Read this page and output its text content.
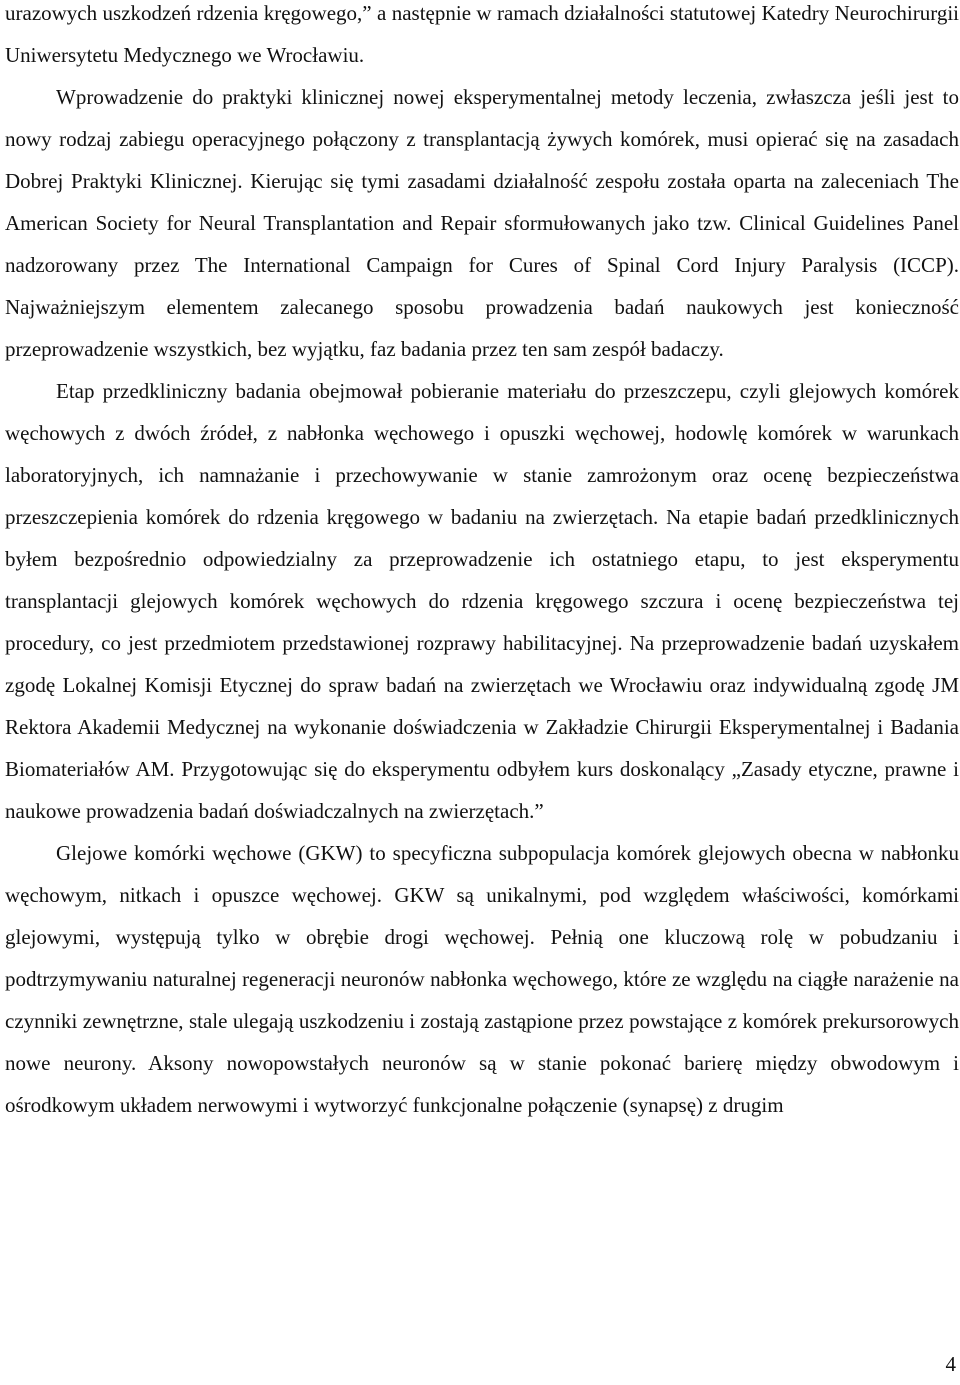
urazowych uszkodzeń rdzenia kręgowego,” a następnie w ramach działalności statutowej Katedry Neurochirurgii Uniwersytetu Medycznego we Wrocławiu.

Wprowadzenie do praktyki klinicznej nowej eksperymentalnej metody leczenia, zwłaszcza jeśli jest to nowy rodzaj zabiegu operacyjnego połączony z transplantacją żywych komórek, musi opierać się na zasadach Dobrej Praktyki Klinicznej. Kierując się tymi zasadami działalność zespołu została oparta na zaleceniach The American Society for Neural Transplantation and Repair sformułowanych jako tzw. Clinical Guidelines Panel nadzorowany przez The International Campaign for Cures of Spinal Cord Injury Paralysis (ICCP). Najważniejszym elementem zalecanego sposobu prowadzenia badań naukowych jest konieczność przeprowadzenie wszystkich, bez wyjątku, faz badania przez ten sam zespół badaczy.

Etap przedkliniczny badania obejmował pobieranie materiału do przeszczepu, czyli glejowych komórek węchowych z dwóch źródeł, z nabłonka węchowego i opuszki węchowej, hodowlę komórek w warunkach laboratoryjnych, ich namnażanie i przechowywanie w stanie zamrożonym oraz ocenę bezpieczeństwa przeszczepienia komórek do rdzenia kręgowego w badaniu na zwierzętach. Na etapie badań przedklinicznych byłem bezpośrednio odpowiedzialny za przeprowadzenie ich ostatniego etapu, to jest eksperymentu transplantacji glejowych komórek węchowych do rdzenia kręgowego szczura i ocenę bezpieczeństwa tej procedury, co jest przedmiotem przedstawionej rozprawy habilitacyjnej. Na przeprowadzenie badań uzyskałem zgodę Lokalnej Komisji Etycznej do spraw badań na zwierzętach we Wrocławiu oraz indywidualną zgodę JM Rektora Akademii Medycznej na wykonanie doświadczenia w Zakładzie Chirurgii Eksperymentalnej i Badania Biomateriałów AM. Przygotowując się do eksperymentu odbyłem kurs doskonalący „Zasady etyczne, prawne i naukowe prowadzenia badań doświadczalnych na zwierzętach.”

Glejowe komórki węchowe (GKW) to specyficzna subpopulacja komórek glejowych obecna w nabłonku węchowym, nitkach i opuszce węchowej. GKW są unikalnymi, pod względem właściwości, komórkami glejowymi, występują tylko w obrębie drogi węchowej. Pełnią one kluczową rolę w pobudzaniu i podtrzymywaniu naturalnej regeneracji neuronów nabłonka węchowego, które ze względu na ciągłe narażenie na czynniki zewnętrzne, stale ulegają uszkodzeniu i zostają zastąpione przez powstające z komórek prekursorowych nowe neurony. Aksony nowopowstałych neuronów są w stanie pokonać barierę między obwodowym i ośrodkowym układem nerwowymi i wytworzyć funkcjonalne połączenie (synapsę) z drugim

4
